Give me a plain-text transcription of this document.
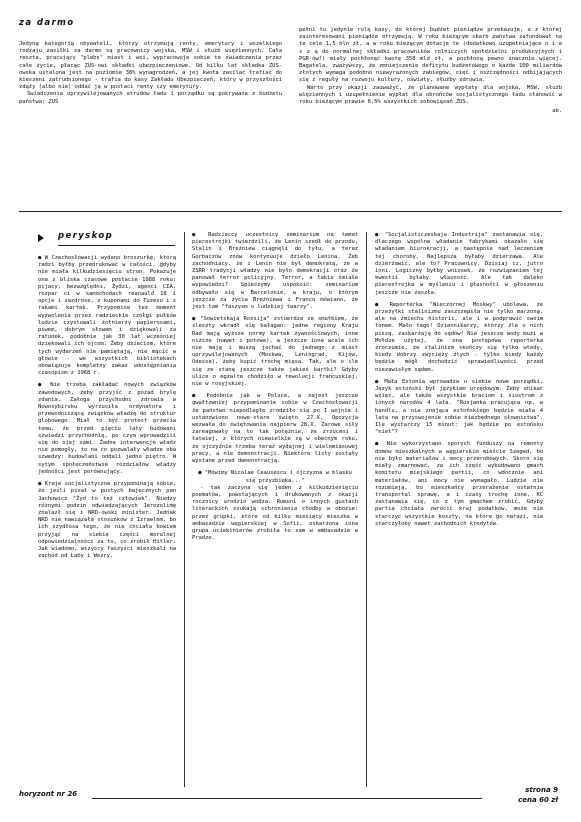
za darmo

Jedyną kategorią obywateli, którzy otrzymują renty, emerytury i wszelkiego rodzaju zasiłki za darmo są pracownicy wojska, MSW i służb więziennych. Cała reszta, pracujący "plebs" miast i wsi, wypracowuje sobie te świadczenia przez całe życie, płacąc ZUS-owi składki ubezpieczeniowe. Od kilku lat składka ZUS-owska ustalona jest na poziomie 38% wynagrodzeń, a jej kwota zasilać trafiać do kieszeni zatrudnionego - trafia do kasy Zakładu Ubezpieczeń, który w przyszłości zdąży (albo nie) oddać ją w postaci renty czy emerytury.

Świadczenia uprzywilejowanych atrudów ładu i porządku są pokrywane z budżetu państwa: ZUS

pełni tu jedynie rolę kasy, do której budżet pieniądze przekazuje, a z której zainteresowani pieniądze otrzymują. W roku bieżącym skarb państwa zafundował na te cele 1,5 bln zł, a w roku bieżącym dotacje te (dodatkowo uzupełniające n i e s z ą do normalnej składki pracowników rolniczych spółdzielni produkcyjnych i PGR-ów!) miały pochłonąć kwotę 358 mld zł, a pochłoną pewno znacznie więcej. Bagatela, zważywszy, że zmniejszenie deficytu budżetowego o każde 100 miliardów złotych wymaga podobno niewyrażonych zabiegów, cięć i oszczędności odbijających się z reguły na rozwoju kultury, oświaty, służby zdrowia.

Warto przy okazji zauważyć, że planowane wypłaty dla wojska, MSW, służb więziennych i uzupełnienie wypłat dla obrońców socjalistycznego ładu stanowić w roku bieżącym prawie 6,5% wszystkich zobowiązań ZUS.

ab.
peryskop

● W Czechosłowacji wydano broszurkę, którą radzi byłby przedrukować w całości, gdyby nie miała kilkudziesięciu stron. Pokazuje ona z bliska czasowe postacie 1988 roku: pijacy, bezwzględni, Żydzi, agenci CIA, rozpar ci w samochodach reanauld 18 i opcje i zazdrose, z kuponami do Tuzexu i z rakami kartek. Przypomina też moment wyzwolenia przez radzieckie czołgi pułków ludzie czystowali żołnierzy papierosami, piwem, dobrym słowem i dziękowali za ratunek, podobnie jak 30 lat wcześniej dziękowali ich ojcom. Żeby dzieciom, które tych wydarzeń nie pamiętają, nie mącić w głowie - we wszystkich bibliotekach obowiązuje kompletny zakaz udostępniania czasopism z 1968 r.

● Nie trzeba zakładać nowych związków zawodowych, żeby przyjść z pozad brylę zdania. Załoga przychodni zdrowia w Nowosybirsku wyrzuciła ordynatora i przewodniczącą związków władzę do struktur globowego. Miał to być protest przeciw temu, że przed pięciu laty budowani szwiedzi przychodnię, po czym wprowadzili się do niej sami. Żadne interwencje władz nie pomogły, to na co pozwalały władze oba szwedzy: budowlani oddali jedno piętro. W sytym społeczeństwie rozdziałów władzy jedności jest porównujący.

● Kraje socjalistyczne przypominają sobie, że jeśli pisał w pustych bajecznych pan Jachowicz "Żyd to też człowiek". Niedzy różnymi godzin odwiedzających Jerozolimę znalazł się i NRD-owski minister. Jednak NRD nie nawiązała stosunków z Izraelem, bo ich szydłosa tego, że nie chciała bowiem przyjąć na siebie części moralnej odpowiedzialności za to, co zrobił Hitler. Jak wiadomo, wszyscy faszyści mieszkali na zachód od Łaby i Wezry.

● Radzieccy uczestnicy seminarium na temat pierestrojki twierdzili, że Lenin szedł do przodu, Stalin i Breżniew ciągnęli do tyłu, a teraz Gorbaczow znów kontynuuje dzieło Lenina. Żeb zachodniacy, że i Lenin nie był demokratą, że w ZSRR tradycji władzy nie było demokracji oraz że panował terror policyjny. Terror, a takie śmiałe wypowiedzi? Spieszymy uspokoić: seminarium odbywało się w Barcelonie, w kraju, o którym jeszcze za życia Breżniewa i Franco mówiano, że jest tam "faszyzm o ludzkiej twarzy".

● "Sowietskaja Rossija" zstuerdza ze smutkiem, że sleszty wkradł się bałagan: jedne regiony Kraju Rad mają wyższe normy kartek żywnościowych, inne niższe (nawet i potowe), a jeszcze inne wcale ich nie mają i muszą jechać do jednego z miast uprzywilejowanych (Moskwa, Leningrad, Kijów, Odessa), żeby kupić trochę mięsa. Tak, ale o ile się ze staną jeszcze także jakieś kartki? Gdyby ulice o egzalte chodziło w rewolucji francuskiej, nie w rosyjskiej.

● Podobnie jak w Polsce, a najest jeszcze gwałtowniej przypominanie sobie w Czechosłowacji że państwo niepodległe zrodziło się po I wojnie i ustanowiono nowe-stare święto 27.X. Opozycja wezwała do świętowania najpierw 28.X. Zarowe siły zareagowały na to tak potężnie, że zrzuceni i łatwiej, z których niewielkie są w obecnym roku, że ojczyźnie trzeba teraz wydajnej i wielomiasowej pracy, a nie demonstracji. Niektóre listy zostały wystane przed demonstracją.

● "Mówimy Nicolae Ceausescu i ojczyzna w blasku się przyzbieka..."

- tak zaczyna się jeden z kilkudziesięciu poematów, powstających i drukowanych z okazji rocznicy urodzin wodza. Rumuni o innych gustach literackich szukają schronienia chodby w obozie: przez grupki, które od kilku miesięcy mieszka w ambasadzie węgierskiej w Sofii, oskarżona inna grupa uciekinierów zrobiła to sam w ambasadzie w Pradze.

● "Socjalisticzeskaja Industrija" zastanawia się, dlaczego wspólne władanie fabrykami okazało się władaniem biurokracji, a następnie nad leczeniem tej choroby. Najlepsza byłaby dzierżawa. Ale dzierżawić, ale to? Pracownicy. Dzisiaj ci, jutro inni. Logiczny byłby wniosek, że rozwiązaniem tej kwestii byłaby własność. Ale tak daleko pierestrojka w myśleniu i głasności w głoszeniu jeszcze nie zaszła.

● Reporterka "Wieczornej Moskwy" ubolewa, że przeżyłki stalinizmu zaszczepiła nie tylko marzoną, ale na źmiechu historii, ale i w podprawić swoim tonem. Mało tego! Dziennikarzy, którzy źle o nich piszą, zaskarżają do sądów! Nie jeszcze wody mużi w Mołdze użytej, że ona postępowa reporterka zroczumie, że stalinizm skończy się tylko wtedy, kiedy dobrzy zwycięży źtych - tylko kiedy każdy będzie mógł dochodzić sprawiedliwości przed niezawisłym sądem.

● Mała Estonia wprowadza u siebie nowe porządki. Język estoński był językiem urzędowym. Żeby unikać wzięć, ale także wszystkie braciom i siostrom z innych narodów 4 lata. "Rosjanka pracująca np. w handlu, a nie znająca estońskiego będzie miała 4 lata na przyswojenie sobie niezbędnego słownictwa". Ile wystarczy 15 minut: jak będzie po estońsku "niet"?

● Nie wykorzystano sporych funduszy na remonty domów mieszkalnych w węgierskim mieście Szeged, bo nie było materiałów i mocy przerobowych. Skoro się miały zmarnować, za ich część wybudowano gmach komitetu miejskiego partii, co wdocznie ani materiałów, ani mocy nie wymagało. Ludzie nie rozumieją, bo mieszkańcy przerażenie ostatnia transportal sprawę, a i czasy trochę inne, KC zastanawia się, co z tym gmachem zrobić. Gdyby partia chciała zwrócić kraj podatków, może nie starczyć wszystkie koszty, na które go narazi, nie starczyłoby nawet zachodnich kredytów.

horyzont nr 26	strona 9
cena 60 zł
